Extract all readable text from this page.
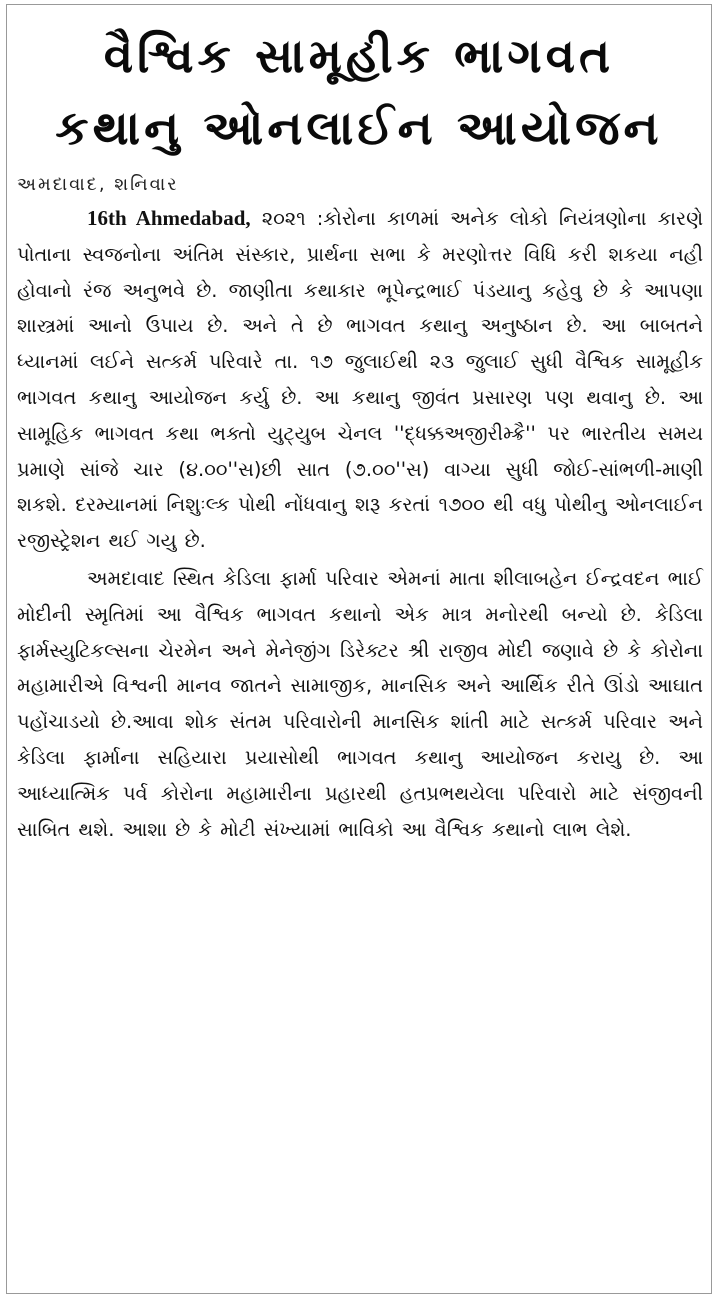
વૈશ્વિક સામૂહીક ભાગવત
કથાનુ ઓનલાઈન આયોજન
અમદાવાદ, શનિવાર

16th Ahmedabad, ૨૦૨૧ :કોરોના કાળમાં અનેક લોકો નિયંત્રણોના કારણે પોતાના સ્વજનોના અંતિમ સંસ્કાર, પ્રાર્થના સભા કે મરણોત્તર વિધિ કરી શકયા નહી હોવાનો રંજ અનુભવે છે. જાણીતા કથાકાર ભૂપેન્દ્રભાઈ પંડયાનુ કહેવુ છે કે આપણા શાસ્ત્રમાં આનો ઉપાય છે. અને તે છે ભાગવત કથાનુ અનુષ્ઠાન છે. આ બાબતને ધ્યાનમાં લઈને સત્કર્મ પરિવારે તા. ૧૭ જુલાઈથી ૨૩ જુલાઈ સુધી વૈશ્વિક સામૂહીક ભાગવત કથાનુ આયોજન કર્યુ છે. આ કથાનુ જીવંત પ્રસારણ પણ થવાનુ છે. આ સામૂહિક ભાગવત કથા ભક્તો યુટ્યુબ ચેનલ ''દ્ધક્કઅજીરીમ્ક્રૈ'' પર ભારતીય સમય પ્રમાણે સાંજે ચાર (૪.૦૦''સ)છી સાત (૭.૦૦''સ) વાગ્યા સુધી જોઈ-સાંભળી-માણી શકશે. દરમ્યાનમાં નિશુઃલ્ક પોથી નોંધવાનુ શરૂ કરતાં ૧૭૦૦ થી વધુ પોથીનુ ઓનલાઈન રજીસ્ટ્રેશન થઈ ગયુ છે.

અમદાવાદ સ્થિત કેડિલા ફાર્મા પરિવાર એમનાં માતા શીલાબહેન ઈન્દ્રવદન ભાઈ મોદીની સ્મૃતિમાં આ વૈશ્વિક ભાગવત કથાનો એક માત્ર મનોરથી બન્યો છે. કેડિલા ફાર્મસ્યુટિકલ્સના ચેરમેન અને મેનેજીંગ ડિરેક્ટર શ્રી રાજીવ મોદી જણાવે છે કે કોરોના મહામારીએ વિશ્વની માનવ જાતને સામાજીક, માનસિક અને આર્થિક રીતે ઊંડો આઘાત પહોંચાડયો છે.આવા શોક સંતમ પરિવારોની માનસિક શાંતી માટે સત્કર્મ પરિવાર અને કેડિલા ફાર્માના સહિયારા પ્રયાસોથી ભાગવત કથાનુ આયોજન કરાયુ છે. આ આધ્યાત્મિક પર્વ કોરોના મહામારીના પ્રહારથી હતપ્રભથયેલા પરિવારો માટે સંજીવની સાબિત થશે. આશા છે કે મોટી સંખ્યામાં ભાવિકો આ વૈશ્વિક કથાનો લાભ લેશે.
